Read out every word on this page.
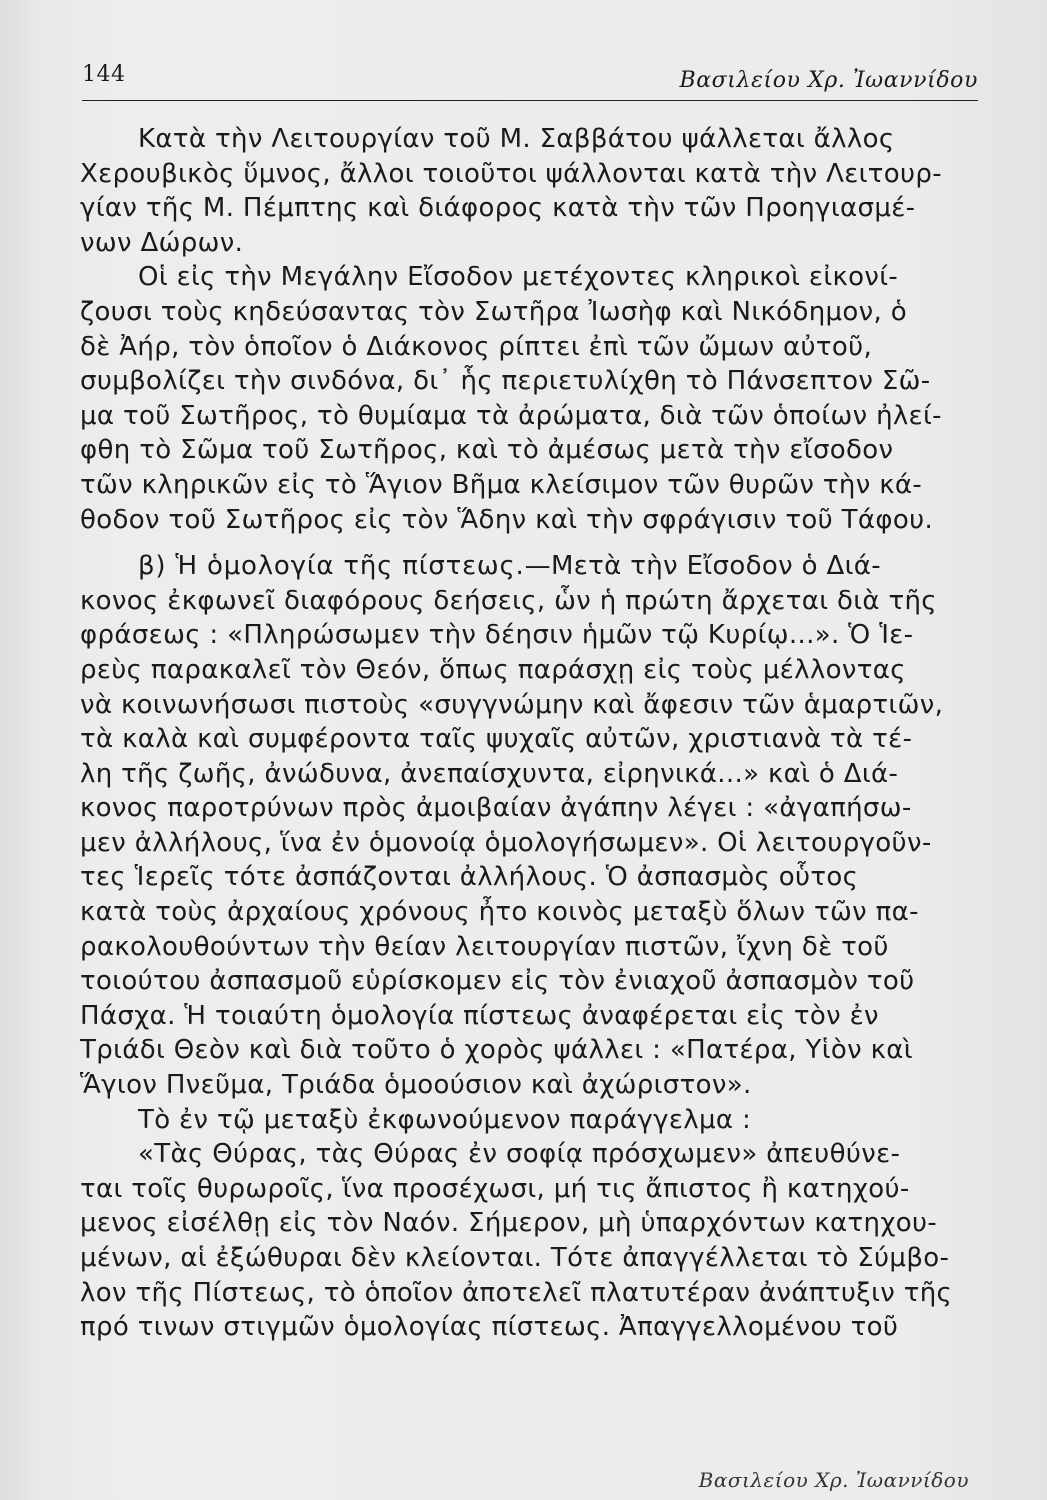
144	Βασιλείου Χρ. Ἰωαννίδου

Κατὰ τὴν Λειτουργίαν τοῦ Μ. Σαββάτου ψάλλεται ἄλλος
Χερουβικὸς ὕμνος, ἄλλοι τοιοῦτοι ψάλλονται κατὰ τὴν Λειτουρ-
γίαν τῆς Μ. Πέμπτης καὶ διάφορος κατὰ τὴν τῶν Προηγιασμέ-
νων Δώρων.

Οἱ εἰς τὴν Μεγάλην Εἴσοδον μετέχοντες κληρικοὶ εἰκονί-
ζουσι τοὺς κηδεύσαντας τὸν Σωτῆρα Ἰωσὴφ καὶ Νικόδημον, ὁ
δὲ Ἀήρ, τὸν ὁποῖον ὁ Διάκονος ρίπτει ἐπὶ τῶν ὤμων αὐτοῦ,
συμβολίζει τὴν σινδόνα, δι᾽ ἧς περιετυλίχθη τὸ Πάνσεπτον Σῶ-
μα τοῦ Σωτῆρος, τὸ θυμίαμα τὰ ἀρώματα, διὰ τῶν ὁποίων ἠλεί-
φθη τὸ Σῶμα τοῦ Σωτῆρος, καὶ τὸ ἀμέσως μετὰ τὴν εἴσοδον
τῶν κληρικῶν εἰς τὸ Ἅγιον Βῆμα κλείσιμον τῶν θυρῶν τὴν κά-
θοδον τοῦ Σωτῆρος εἰς τὸν Ἅδην καὶ τὴν σφράγισιν τοῦ Τάφου.

β) Ἡ ὁμολογία τῆς πίστεως.—Μετὰ τὴν Εἴσοδον ὁ Διά-
κονος ἐκφωνεῖ διαφόρους δεήσεις, ὧν ἡ πρώτη ἄρχεται διὰ τῆς
φράσεως : «Πληρώσωμεν τὴν δέησιν ἡμῶν τῷ Κυρίῳ...». Ὁ Ἱε-
ρεὺς παρακαλεῖ τὸν Θεόν, ὅπως παράσχῃ εἰς τοὺς μέλλοντας
νὰ κοινωνήσωσι πιστοὺς «συγγνώμην καὶ ἄφεσιν τῶν ἁμαρτιῶν,
τὰ καλὰ καὶ συμφέροντα ταῖς ψυχαῖς αὐτῶν, χριστιανὰ τὰ τέ-
λη τῆς ζωῆς, ἀνώδυνα, ἀνεπαίσχυντα, εἰρηνικά...» καὶ ὁ Διά-
κονος παροτρύνων πρὸς ἀμοιβαίαν ἀγάπην λέγει : «ἀγαπήσω-
μεν ἀλλήλους, ἵνα ἐν ὁμονοίᾳ ὁμολογήσωμεν». Οἱ λειτουργοῦν-
τες Ἱερεῖς τότε ἀσπάζονται ἀλλήλους. Ὁ ἀσπασμὸς οὗτος
κατὰ τοὺς ἀρχαίους χρόνους ἦτο κοινὸς μεταξὺ ὅλων τῶν πα-
ρακολουθούντων τὴν θείαν λειτουργίαν πιστῶν, ἴχνη δὲ τοῦ
τοιούτου ἀσπασμοῦ εὑρίσκομεν εἰς τὸν ἐνιαχοῦ ἀσπασμὸν τοῦ
Πάσχα. Ἡ τοιαύτη ὁμολογία πίστεως ἀναφέρεται εἰς τὸν ἐν
Τριάδι Θεὸν καὶ διὰ τοῦτο ὁ χορὸς ψάλλει : «Πατέρα, Υἱὸν καὶ
Ἅγιον Πνεῦμα, Τριάδα ὁμοούσιον καὶ ἀχώριστον».

Τὸ ἐν τῷ μεταξὺ ἐκφωνούμενον παράγγελμα :

«Τὰς Θύρας, τὰς Θύρας ἐν σοφίᾳ πρόσχωμεν» ἀπευθύνε-
ται τοῖς θυρωροῖς, ἵνα προσέχωσι, μή τις ἄπιστος ἢ κατηχού-
μενος εἰσέλθῃ εἰς τὸν Ναόν. Σήμερον, μὴ ὑπαρχόντων κατηχου-
μένων, αἱ ἐξώθυραι δὲν κλείονται. Τότε ἀπαγγέλλεται τὸ Σύμβο-
λον τῆς Πίστεως, τὸ ὁποῖον ἀποτελεῖ πλατυτέραν ἀνάπτυξιν τῆς
πρό τινων στιγμῶν ὁμολογίας πίστεως. Ἀπαγγελλομένου τοῦ

Βασιλείου Χρ. Ἰωαννίδου
